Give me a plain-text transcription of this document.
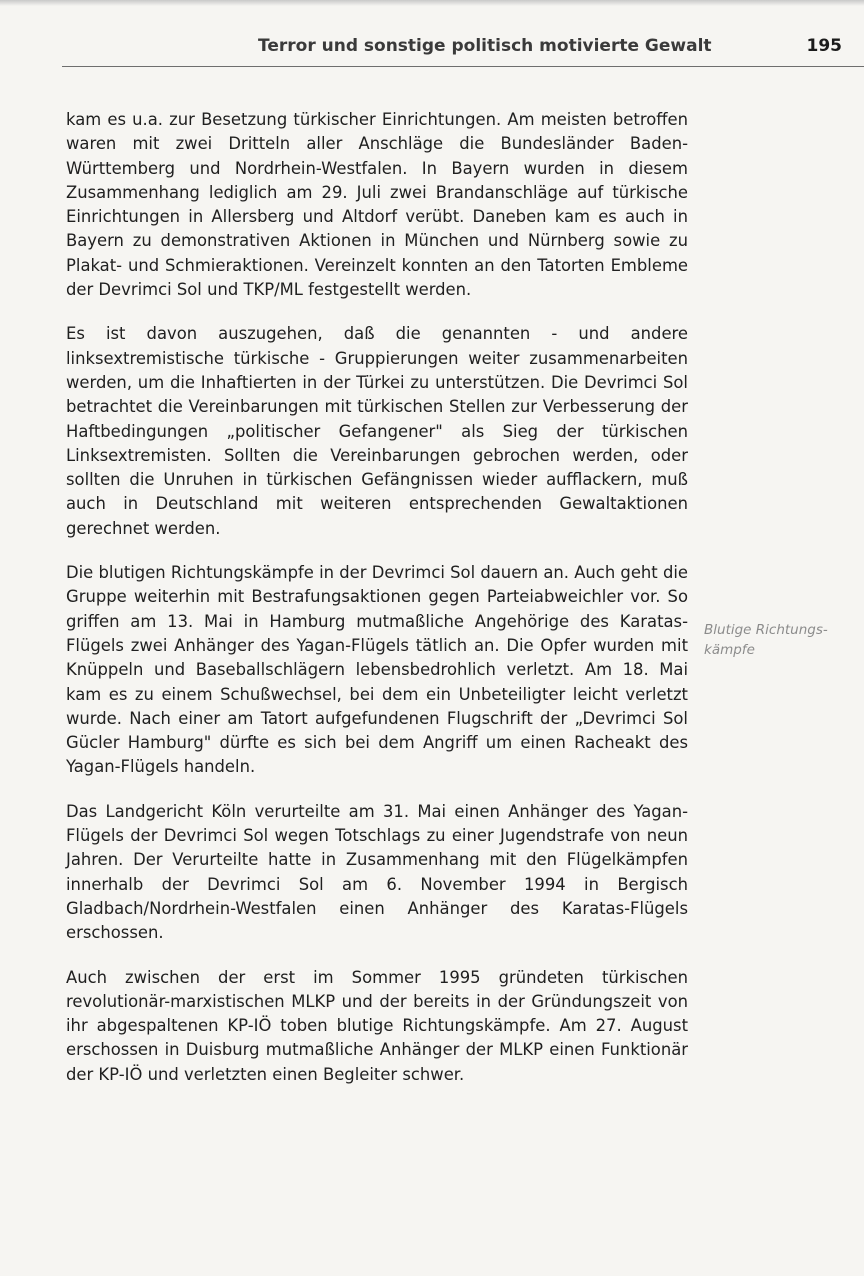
Terror und sonstige politisch motivierte Gewalt	195

kam es u.a. zur Besetzung türkischer Einrichtungen. Am meisten betroffen waren mit zwei Dritteln aller Anschläge die Bundesländer Baden-Württemberg und Nordrhein-Westfalen. In Bayern wurden in diesem Zusammenhang lediglich am 29. Juli zwei Brandanschläge auf türkische Einrichtungen in Allersberg und Altdorf verübt. Daneben kam es auch in Bayern zu demonstrativen Aktionen in München und Nürnberg sowie zu Plakat- und Schmieraktionen. Vereinzelt konnten an den Tatorten Embleme der Devrimci Sol und TKP/ML festgestellt werden.

Es ist davon auszugehen, daß die genannten - und andere linksextremistische türkische - Gruppierungen weiter zusammenarbeiten werden, um die Inhaftierten in der Türkei zu unterstützen. Die Devrimci Sol betrachtet die Vereinbarungen mit türkischen Stellen zur Verbesserung der Haftbedingungen „politischer Gefangener" als Sieg der türkischen Linksextremisten. Sollten die Vereinbarungen gebrochen werden, oder sollten die Unruhen in türkischen Gefängnissen wieder aufflackern, muß auch in Deutschland mit weiteren entsprechenden Gewaltaktionen gerechnet werden.

Die blutigen Richtungskämpfe in der Devrimci Sol dauern an. Auch geht die Gruppe weiterhin mit Bestrafungsaktionen gegen Parteiabweichler vor. So griffen am 13. Mai in Hamburg mutmaßliche Angehörige des Karatas-Flügels zwei Anhänger des Yagan-Flügels tätlich an. Die Opfer wurden mit Knüppeln und Baseballschlägern lebensbedrohlich verletzt. Am 18. Mai kam es zu einem Schußwechsel, bei dem ein Unbeteiligter leicht verletzt wurde. Nach einer am Tatort aufgefundenen Flugschrift der „Devrimci Sol Gücler Hamburg" dürfte es sich bei dem Angriff um einen Racheakt des Yagan-Flügels handeln.

Das Landgericht Köln verurteilte am 31. Mai einen Anhänger des Yagan-Flügels der Devrimci Sol wegen Totschlags zu einer Jugendstrafe von neun Jahren. Der Verurteilte hatte in Zusammenhang mit den Flügelkämpfen innerhalb der Devrimci Sol am 6. November 1994 in Bergisch Gladbach/Nordrhein-Westfalen einen Anhänger des Karatas-Flügels erschossen.

Auch zwischen der erst im Sommer 1995 gründeten türkischen revolutionär-marxistischen MLKP und der bereits in der Gründungszeit von ihr abgespaltenen KP-IÖ toben blutige Richtungskämpfe. Am 27. August erschossen in Duisburg mutmaßliche Anhänger der MLKP einen Funktionär der KP-IÖ und verletzten einen Begleiter schwer.

Blutige Richtungs-
kämpfe
